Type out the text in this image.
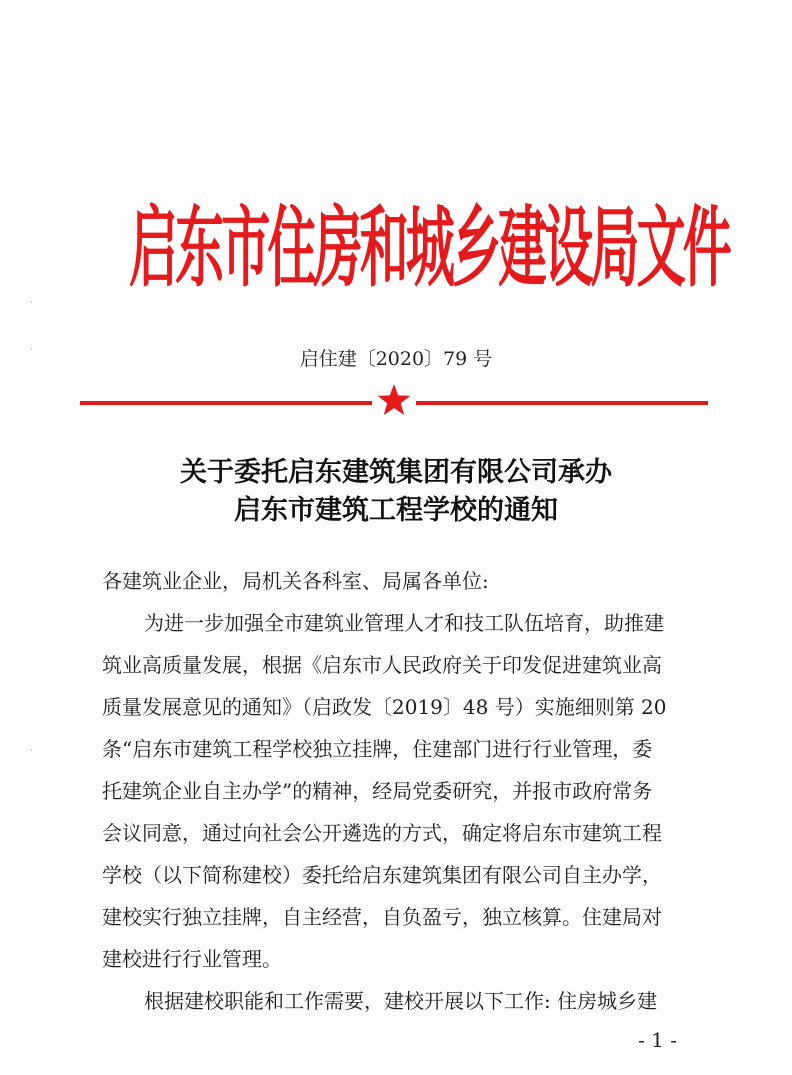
启东市住房和城乡建设局文件
启住建〔2020〕79 号
关于委托启东建筑集团有限公司承办
启东市建筑工程学校的通知
各建筑业企业，局机关各科室、局属各单位:
为进一步加强全市建筑业管理人才和技工队伍培育，助推建
筑业高质量发展，根据《启东市人民政府关于印发促进建筑业高
质量发展意见的通知》（启政发〔2019〕48 号）实施细则第 20
条“启东市建筑工程学校独立挂牌，住建部门进行行业管理，委
托建筑企业自主办学”的精神，经局党委研究，并报市政府常务
会议同意，通过向社会公开遴选的方式，确定将启东市建筑工程
学校（以下简称建校）委托给启东建筑集团有限公司自主办学，
建校实行独立挂牌，自主经营，自负盈亏，独立核算。住建局对
建校进行行业管理。
根据建校职能和工作需要，建校开展以下工作: 住房城乡建
- 1 -
·
·
·
